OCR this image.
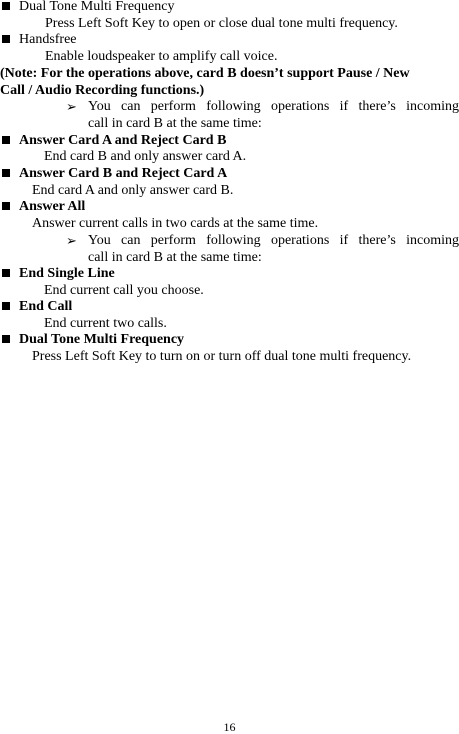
Dual Tone Multi Frequency
Press Left Soft Key to open or close dual tone multi frequency.
Handsfree
Enable loudspeaker to amplify call voice.
(Note: For the operations above, card B doesn’t support Pause / New
Call / Audio Recording functions.)
➢ You can perform following operations if there’s incoming
call in card B at the same time:
Answer Card A and Reject Card B
End card B and only answer card A.
Answer Card B and Reject Card A
End card A and only answer card B.
Answer All
Answer current calls in two cards at the same time.
➢ You can perform following operations if there’s incoming
call in card B at the same time:
End Single Line
End current call you choose.
End Call
End current two calls.
Dual Tone Multi Frequency
Press Left Soft Key to turn on or turn off dual tone multi frequency.
16
